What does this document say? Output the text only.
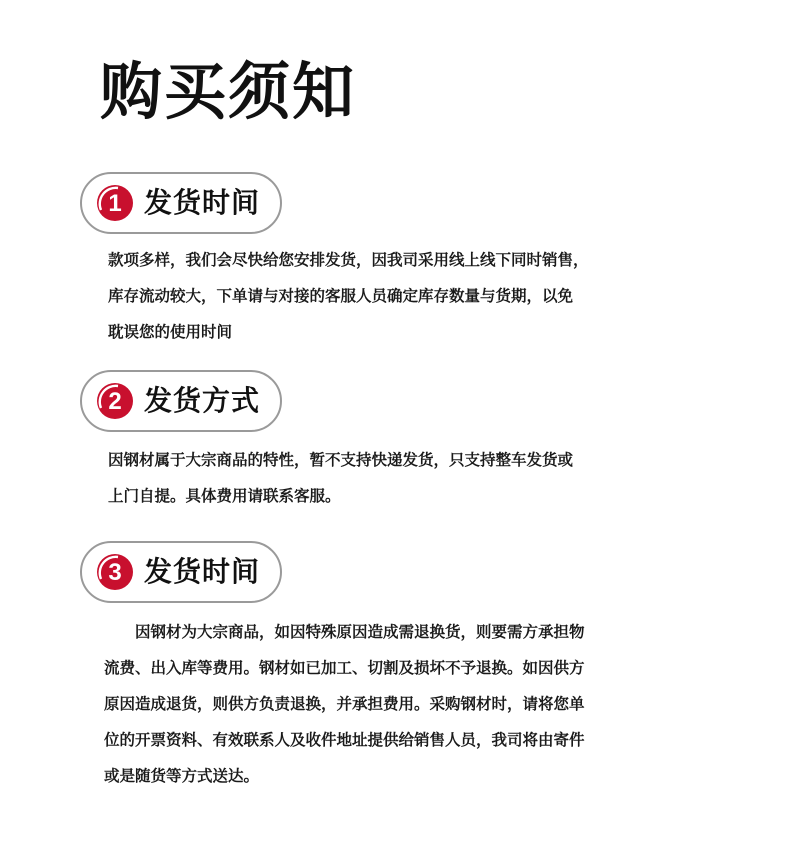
购买须知
1 发货时间
款项多样，我们会尽快给您安排发货，因我司采用线上线下同时销售，
库存流动较大，下单请与对接的客服人员确定库存数量与货期，以免
耽误您的使用时间
2 发货方式
因钢材属于大宗商品的特性，暂不支持快递发货，只支持整车发货或
上门自提。具体费用请联系客服。
3 发货时间
　　因钢材为大宗商品，如因特殊原因造成需退换货，则要需方承担物
流费、出入库等费用。钢材如已加工、切割及损坏不予退换。如因供方
原因造成退货，则供方负责退换，并承担费用。采购钢材时，请将您单
位的开票资料、有效联系人及收件地址提供给销售人员，我司将由寄件
或是随货等方式送达。
